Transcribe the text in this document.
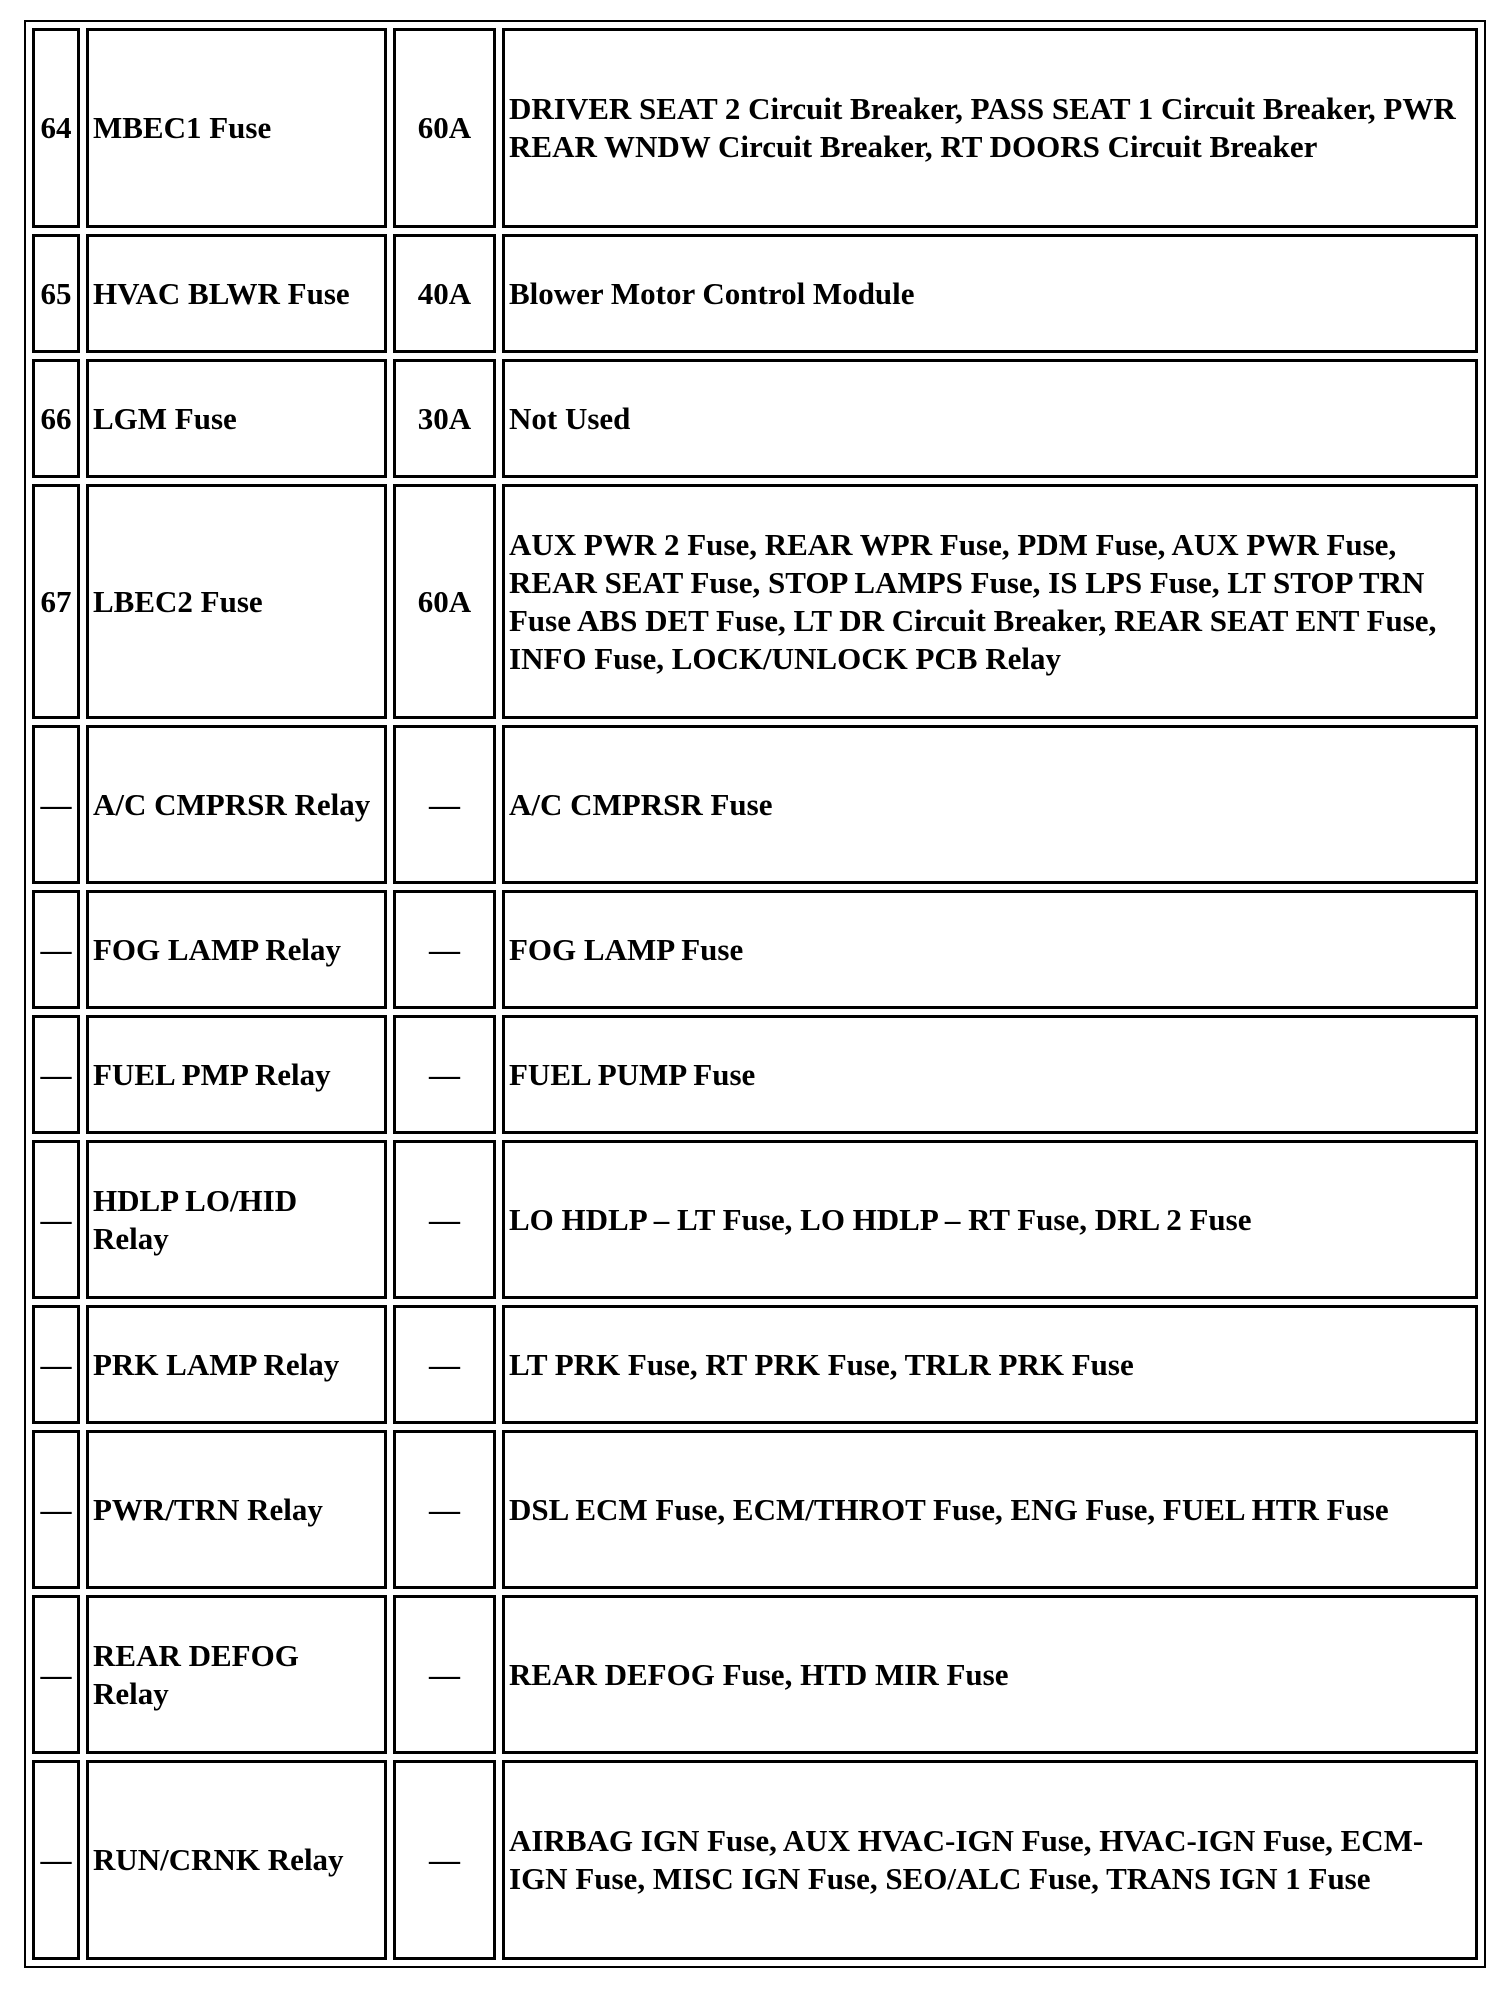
64	MBEC1 Fuse	60A	DRIVER SEAT 2 Circuit Breaker, PASS SEAT 1 Circuit Breaker, PWR REAR WNDW Circuit Breaker, RT DOORS Circuit Breaker
65	HVAC BLWR Fuse	40A	Blower Motor Control Module
66	LGM Fuse	30A	Not Used
67	LBEC2 Fuse	60A	AUX PWR 2 Fuse, REAR WPR Fuse, PDM Fuse, AUX PWR Fuse, REAR SEAT Fuse, STOP LAMPS Fuse, IS LPS Fuse, LT STOP TRN Fuse ABS DET Fuse, LT DR Circuit Breaker, REAR SEAT ENT Fuse, INFO Fuse, LOCK/UNLOCK PCB Relay
—	A/C CMPRSR Relay	—	A/C CMPRSR Fuse
—	FOG LAMP Relay	—	FOG LAMP Fuse
—	FUEL PMP Relay	—	FUEL PUMP Fuse
—	HDLP LO/HID Relay	—	LO HDLP – LT Fuse, LO HDLP – RT Fuse, DRL 2 Fuse
—	PRK LAMP Relay	—	LT PRK Fuse, RT PRK Fuse, TRLR PRK Fuse
—	PWR/TRN Relay	—	DSL ECM Fuse, ECM/THROT Fuse, ENG Fuse, FUEL HTR Fuse
—	REAR DEFOG Relay	—	REAR DEFOG Fuse, HTD MIR Fuse
—	RUN/CRNK Relay	—	AIRBAG IGN Fuse, AUX HVAC-IGN Fuse, HVAC-IGN Fuse, ECM-IGN Fuse, MISC IGN Fuse, SEO/ALC Fuse, TRANS IGN 1 Fuse
